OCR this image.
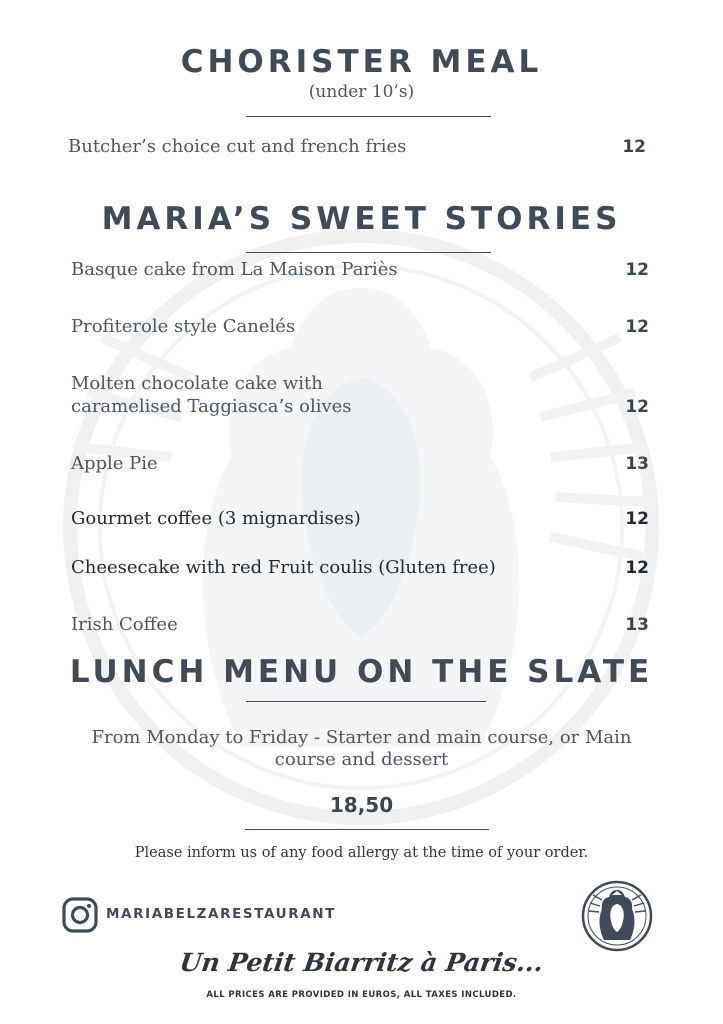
CHORISTER MEAL
(under 10’s)
Butcher’s choice cut and french fries	12
MARIA’S SWEET STORIES
Basque cake from La Maison Pariès	12
Profiterole style Canelés	12
Molten chocolate cake with
caramelised Taggiasca’s olives	12
Apple Pie	13
Gourmet coffee (3 mignardises)	12
Cheesecake with red Fruit coulis (Gluten free)	12
Irish Coffee	13
LUNCH MENU ON THE SLATE
From Monday to Friday - Starter and main course, or Main
course and dessert
18,50
Please inform us of any food allergy at the time of your order.
MARIABELZARESTAURANT
Un Petit Biarritz à Paris...
ALL PRICES ARE PROVIDED IN EUROS, ALL TAXES INCLUDED.
